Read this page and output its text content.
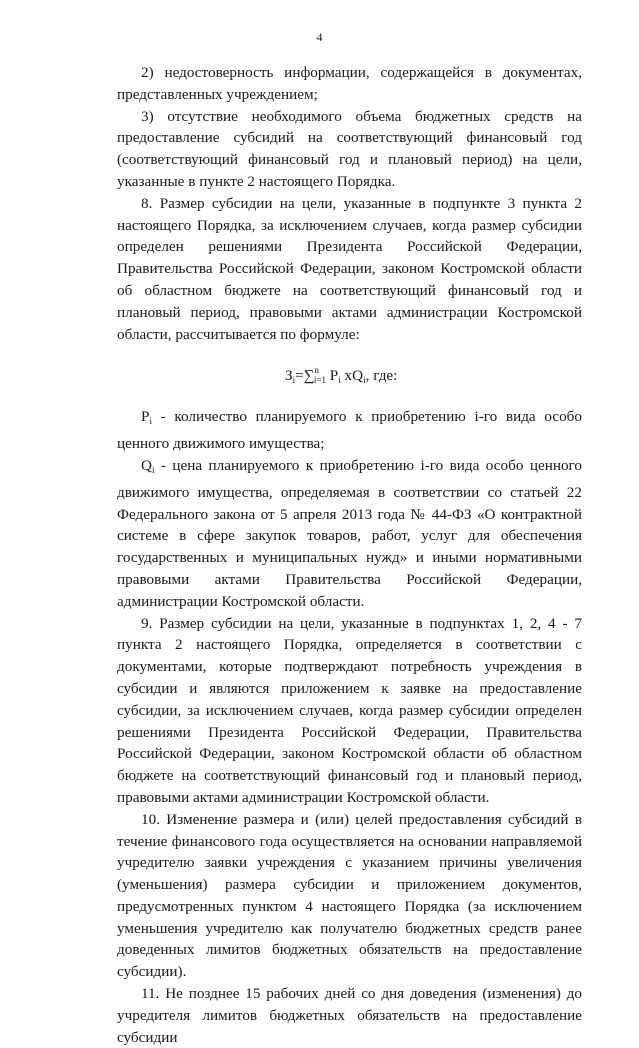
4

2) недостоверность информации, содержащейся в документах, представленных учреждением;

3) отсутствие необходимого объема бюджетных средств на предоставление субсидий на соответствующий финансовый год (соответствующий финансовый год и плановый период) на цели, указанные в пункте 2 настоящего Порядка.

8. Размер субсидии на цели, указанные в подпункте 3 пункта 2 настоящего Порядка, за исключением случаев, когда размер субсидии определен решениями Президента Российской Федерации, Правительства Российской Федерации, законом Костромской области об областном бюджете на соответствующий финансовый год и плановый период, правовыми актами администрации Костромской области, рассчитывается по формуле:

$З_i=\sum^n_{i=1}$ $P_i$ $xQ_i$, где:

$P_i$ - количество планируемого к приобретению i-го вида особо ценного движимого имущества;

$Q_i$ - цена планируемого к приобретению i-го вида особо ценного движимого имущества, определяемая в соответствии со статьей 22 Федерального закона от 5 апреля 2013 года № 44-ФЗ «О контрактной системе в сфере закупок товаров, работ, услуг для обеспечения государственных и муниципальных нужд» и иными нормативными правовыми актами Правительства Российской Федерации, администрации Костромской области.

9. Размер субсидии на цели, указанные в подпунктах 1, 2, 4 - 7 пункта 2 настоящего Порядка, определяется в соответствии с документами, которые подтверждают потребность учреждения в субсидии и являются приложением к заявке на предоставление субсидии, за исключением случаев, когда размер субсидии определен решениями Президента Российской Федерации, Правительства Российской Федерации, законом Костромской области об областном бюджете на соответствующий финансовый год и плановый период, правовыми актами администрации Костромской области.

10. Изменение размера и (или) целей предоставления субсидий в течение финансового года осуществляется на основании направляемой учредителю заявки учреждения с указанием причины увеличения (уменьшения) размера субсидии и приложением документов, предусмотренных пунктом 4 настоящего Порядка (за исключением уменьшения учредителю как получателю бюджетных средств ранее доведенных лимитов бюджетных обязательств на предоставление субсидии).

11. Не позднее 15 рабочих дней со дня доведения (изменения) до учредителя лимитов бюджетных обязательств на предоставление субсидии
